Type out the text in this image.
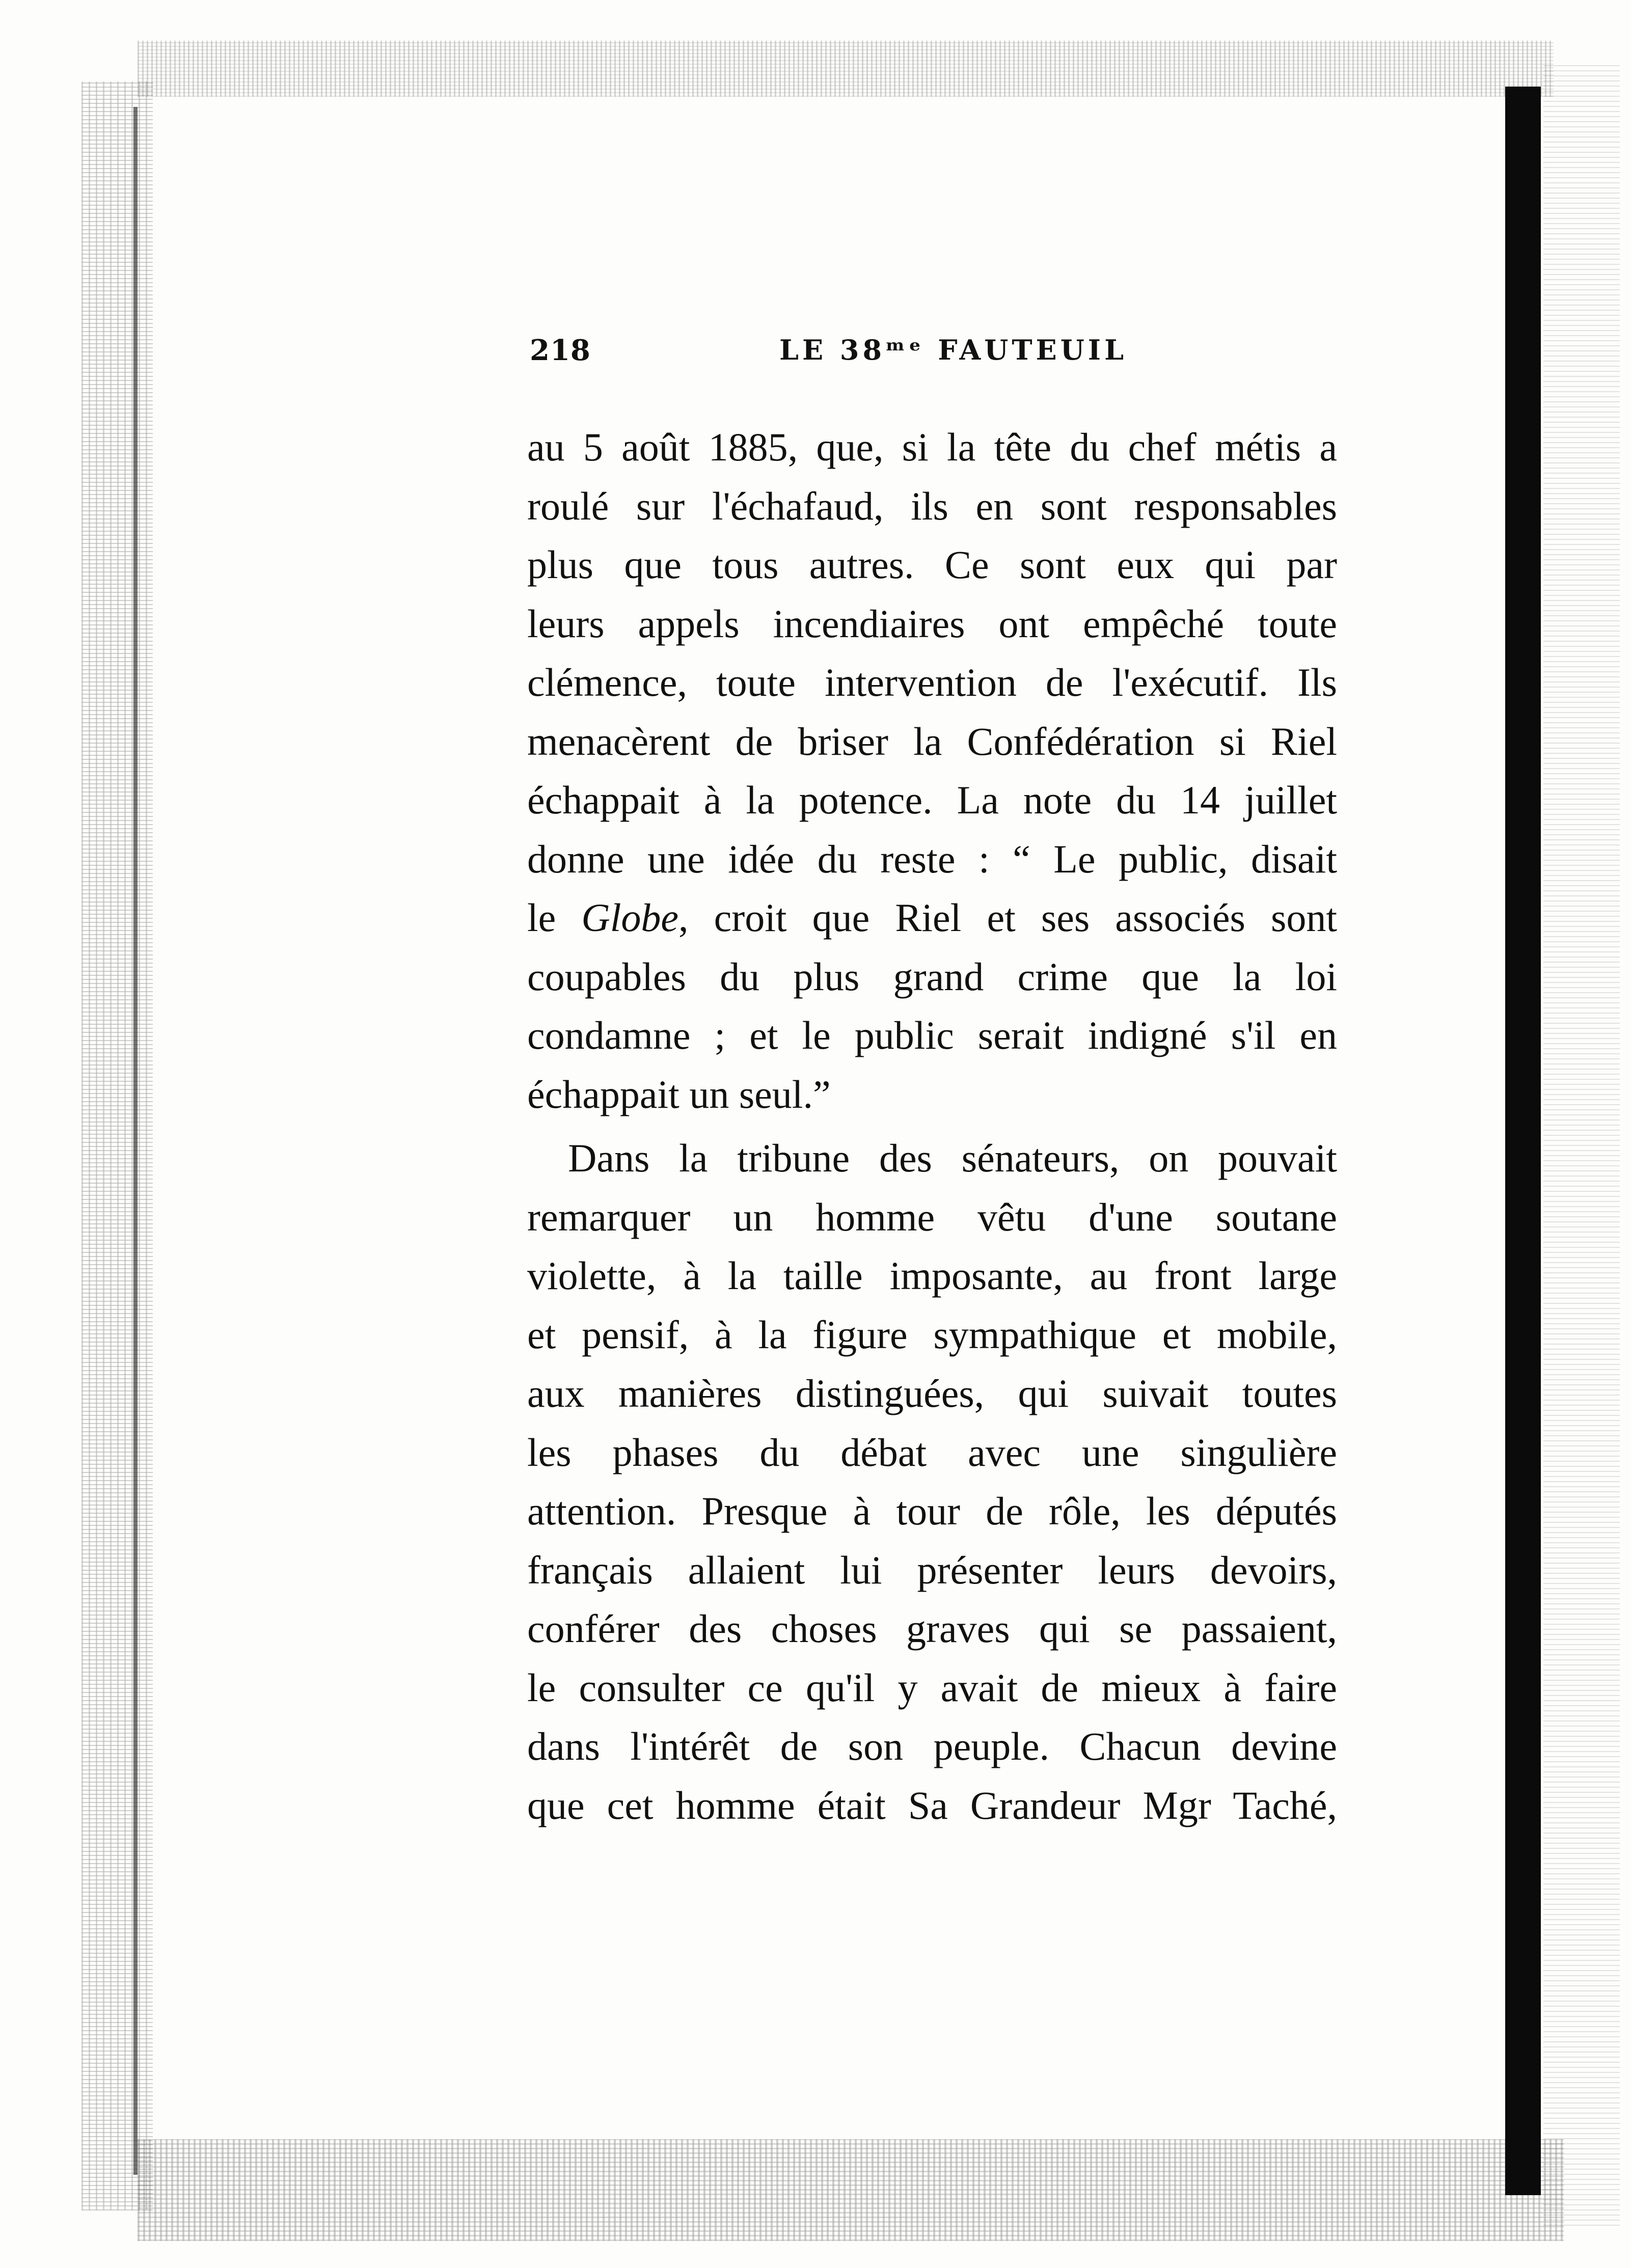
218	LE 38ᵐᵉ FAUTEUIL
au 5 août 1885, que, si la tête du chef métis a
roulé sur l'échafaud, ils en sont responsables
plus que tous autres. Ce sont eux qui par
leurs appels incendiaires ont empêché toute
clémence, toute intervention de l'exécutif. Ils
menacèrent de briser la Confédération si Riel
échappait à la potence. La note du 14 juillet
donne une idée du reste : “ Le public, disait
le Globe, croit que Riel et ses associés sont
coupables du plus grand crime que la loi
condamne ; et le public serait indigné s'il en
échappait un seul.”
Dans la tribune des sénateurs, on pouvait
remarquer un homme vêtu d'une soutane
violette, à la taille imposante, au front large
et pensif, à la figure sympathique et mobile,
aux manières distinguées, qui suivait toutes
les phases du débat avec une singulière
attention. Presque à tour de rôle, les députés
français allaient lui présenter leurs devoirs,
conférer des choses graves qui se passaient,
le consulter ce qu'il y avait de mieux à faire
dans l'intérêt de son peuple. Chacun devine
que cet homme était Sa Grandeur Mgr Taché,
